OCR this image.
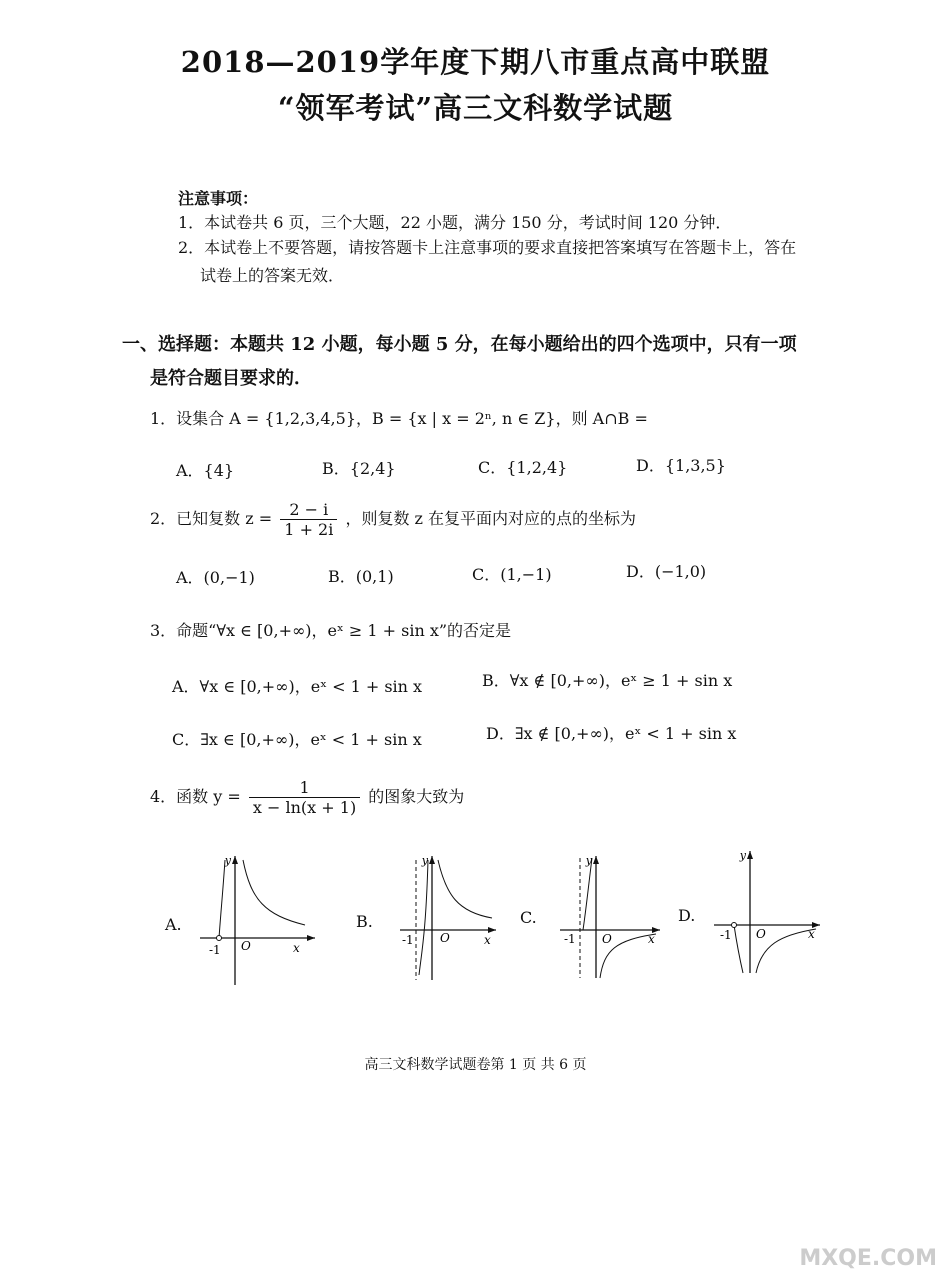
2018—2019学年度下期八市重点高中联盟
“领军考试”高三文科数学试题
注意事项：
1．本试卷共 6 页，三个大题，22 小题，满分 150 分，考试时间 120 分钟．
2．本试卷上不要答题，请按答题卡上注意事项的要求直接把答案填写在答题卡上，答在
试卷上的答案无效．
一、选择题：本题共 12 小题，每小题 5 分，在每小题给出的四个选项中，只有一项
是符合题目要求的．
1．设集合 A = {1,2,3,4,5}，B = {x | x = 2ⁿ, n ∈ Z}，则 A∩B =
A．{4}	B．{2,4}	C．{1,2,4}	D．{1,3,5}
2．已知复数 $z = \frac{2 - i}{1 + 2i}$ ，则复数 z 在复平面内对应的点的坐标为
A．(0,−1)	B．(0,1)	C．(1,−1)	D．(−1,0)
3．命题“∀x ∈ [0,+∞)，eˣ ≥ 1 + sin x”的否定是
A．∀x ∈ [0,+∞)，eˣ < 1 + sin x	B．∀x ∉ [0,+∞)，eˣ ≥ 1 + sin x
C．∃x ∈ [0,+∞)，eˣ < 1 + sin x	D．∃x ∉ [0,+∞)，eˣ < 1 + sin x
4．函数 $y = \frac{1}{x - \ln(x + 1)}$ 的图象大致为
A.
y
-1 O	x
B.
y
-1 O	x
C.
y
-1 O	x
D.
y
-1 O	x
高三文科数学试题卷第 1 页 共 6 页
MXQE.COM
